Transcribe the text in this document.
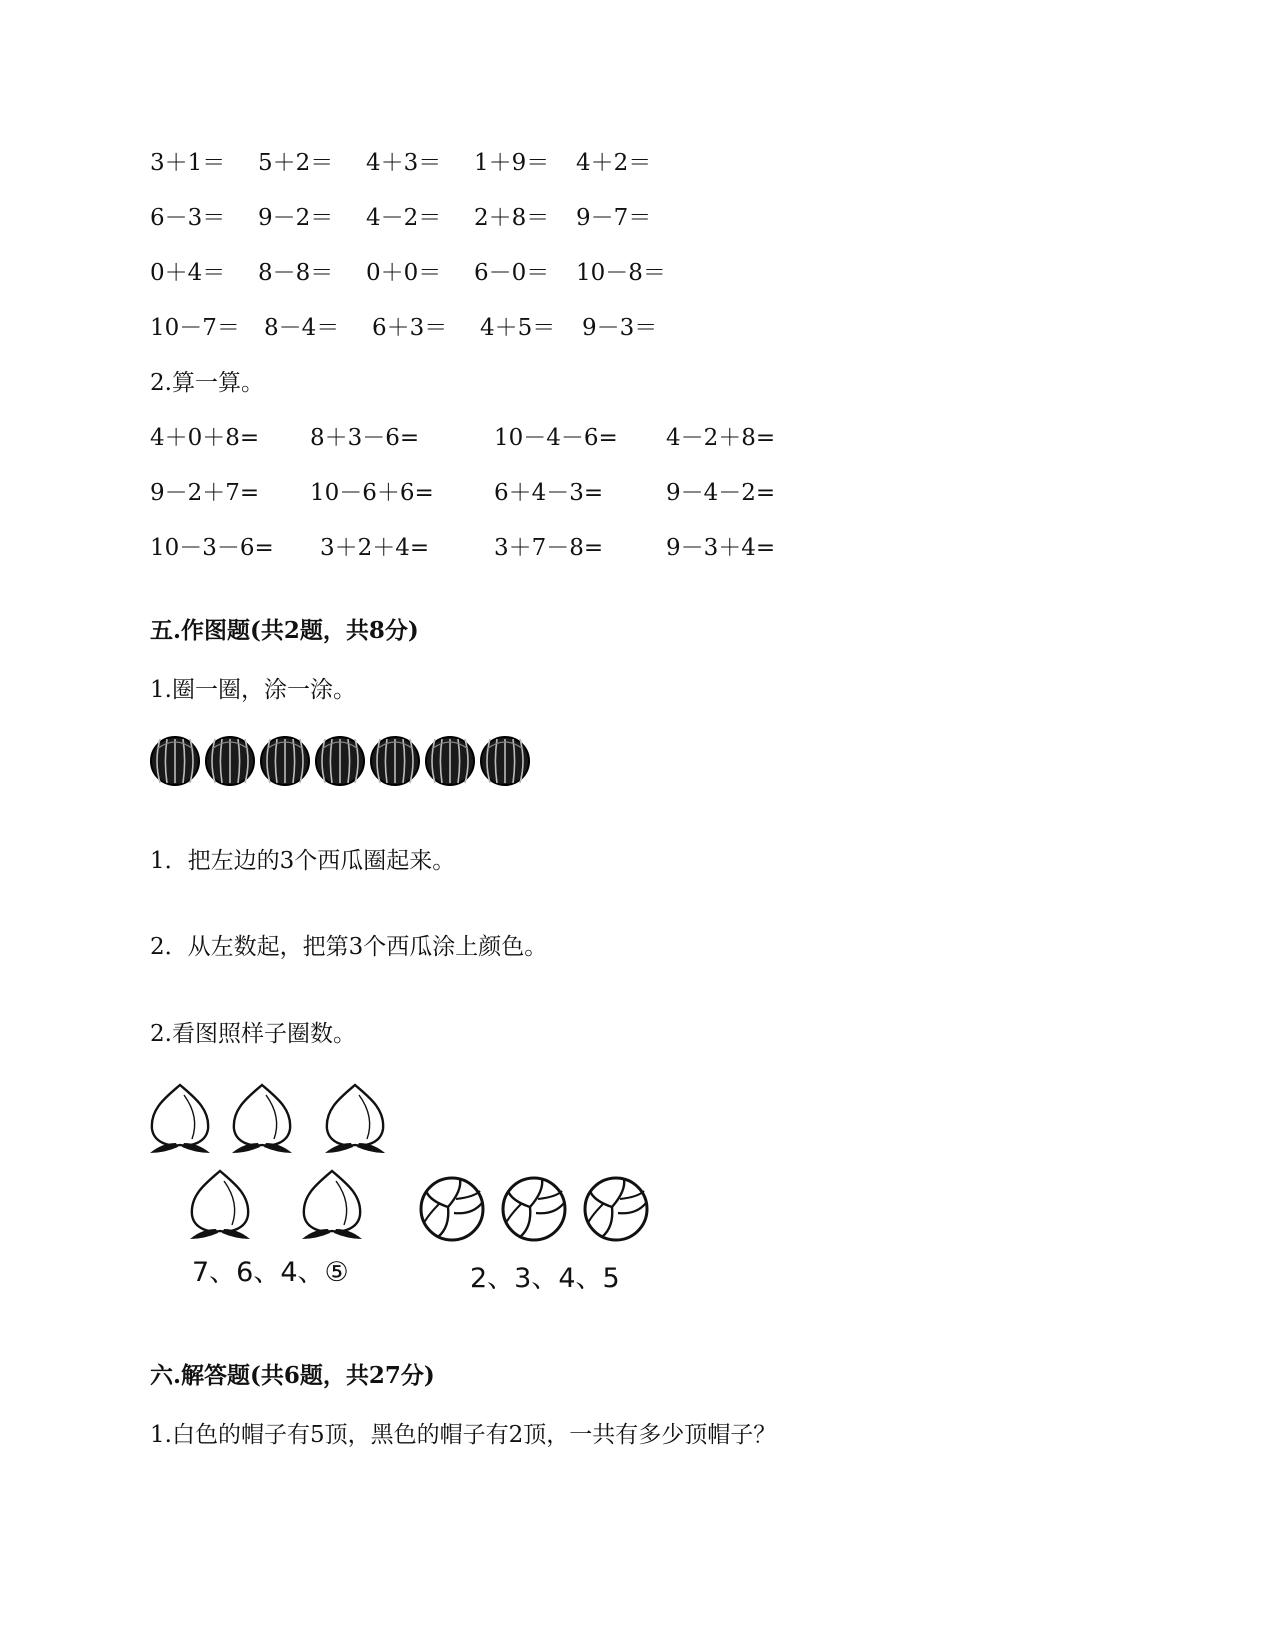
3＋1＝ 5＋2＝ 4＋3＝ 1＋9＝ 4＋2＝
6－3＝ 9－2＝ 4－2＝ 2＋8＝ 9－7＝
0＋4＝ 8－8＝ 0＋0＝ 6－0＝ 10－8＝
10－7＝ 8－4＝ 6＋3＝ 4＋5＝ 9－3＝
2.算一算。
4＋0＋8= 8＋3－6=	10－4－6= 4－2＋8=
9－2＋7= 10－6＋6=	6＋4－3=	9－4－2=
10－3－6= 3＋2＋4=	3＋7－8=	9－3＋4=
五.作图题(共2题，共8分)
1.圈一圈，涂一涂。
1．把左边的3个西瓜圈起来。
2．从左数起，把第3个西瓜涂上颜色。
2.看图照样子圈数。
7、6、4、⑤	2、3、4、5
六.解答题(共6题，共27分)
1.白色的帽子有5顶，黑色的帽子有2顶，一共有多少顶帽子？
